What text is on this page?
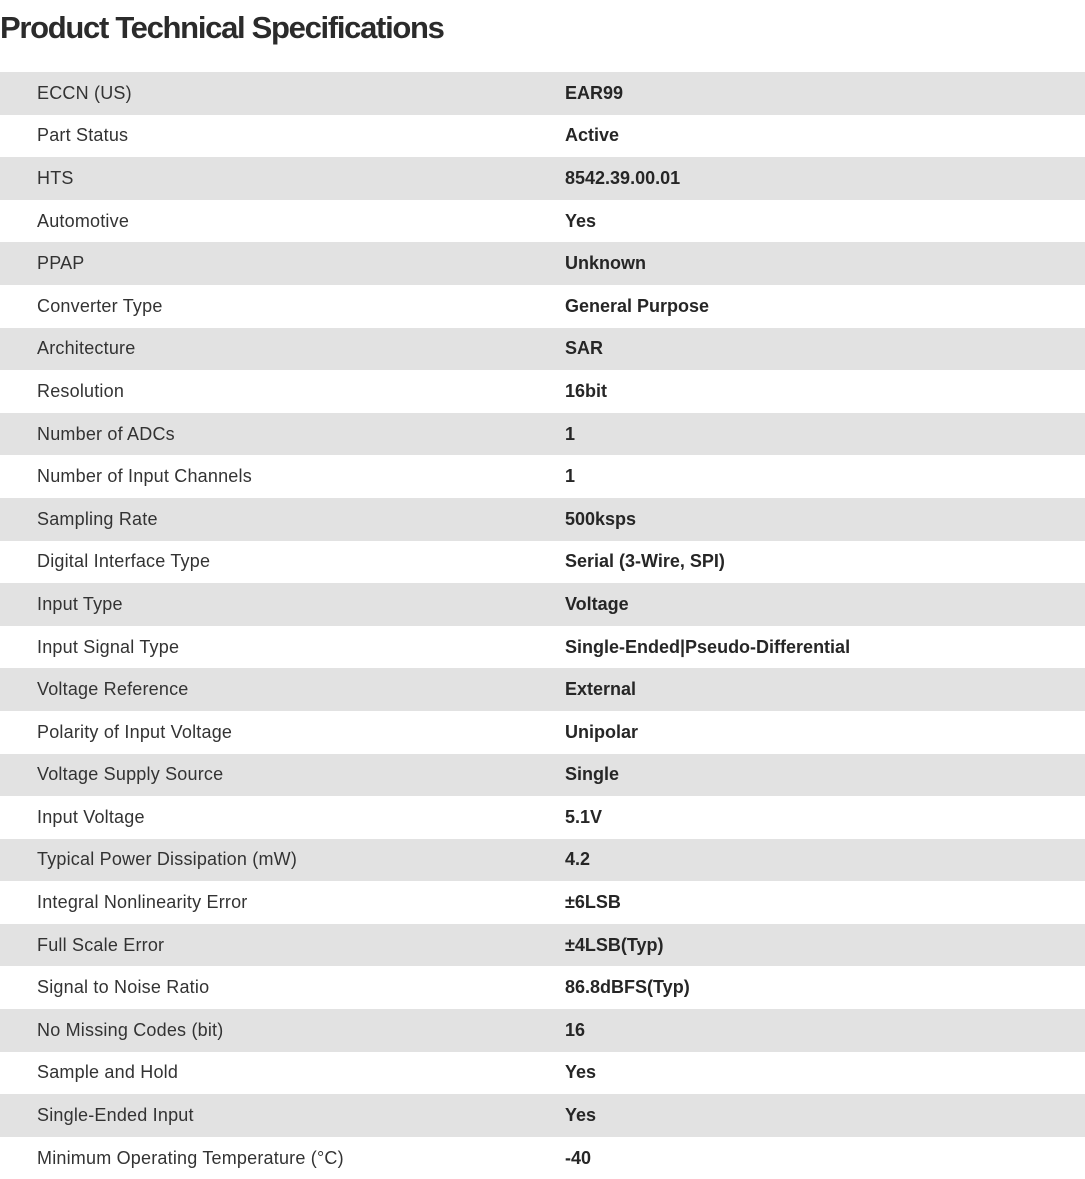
Product Technical Specifications
ECCN (US)	EAR99
Part Status	Active
HTS	8542.39.00.01
Automotive	Yes
PPAP	Unknown
Converter Type	General Purpose
Architecture	SAR
Resolution	16bit
Number of ADCs	1
Number of Input Channels	1
Sampling Rate	500ksps
Digital Interface Type	Serial (3-Wire, SPI)
Input Type	Voltage
Input Signal Type	Single-Ended|Pseudo-Differential
Voltage Reference	External
Polarity of Input Voltage	Unipolar
Voltage Supply Source	Single
Input Voltage	5.1V
Typical Power Dissipation (mW)	4.2
Integral Nonlinearity Error	±6LSB
Full Scale Error	±4LSB(Typ)
Signal to Noise Ratio	86.8dBFS(Typ)
No Missing Codes (bit)	16
Sample and Hold	Yes
Single-Ended Input	Yes
Minimum Operating Temperature (°C)	-40
